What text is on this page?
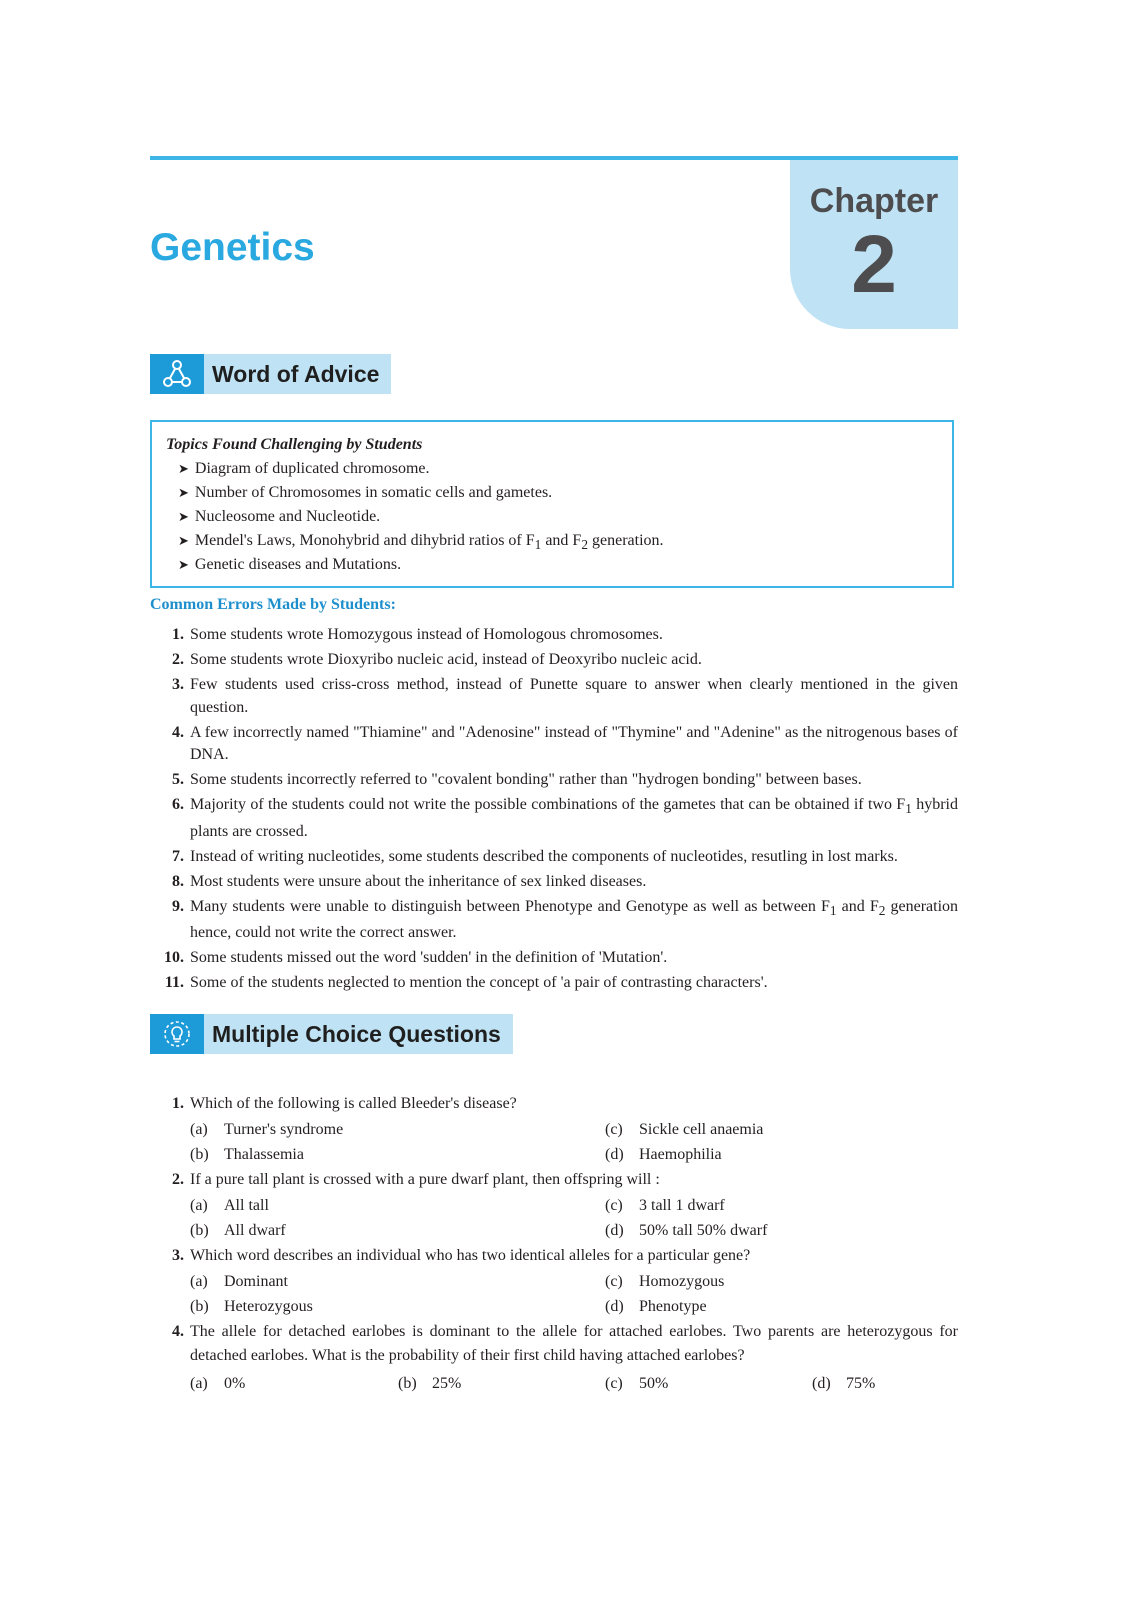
Chapter
2
Genetics
Word of Advice

Topics Found Challenging by Students

➤ Diagram of duplicated chromosome.
➤ Number of Chromosomes in somatic cells and gametes.
➤ Nucleosome and Nucleotide.
➤ Mendel's Laws, Monohybrid and dihybrid ratios of $F_1$ and $F_2$ generation.
➤ Genetic diseases and Mutations.
Common Errors Made by Students:
1. Some students wrote Homozygous instead of Homologous chromosomes.
2. Some students wrote Dioxyribo nucleic acid, instead of Deoxyribo nucleic acid.
3. Few students used criss-cross method, instead of Punette square to answer when clearly mentioned in the given question.
4. A few incorrectly named "Thiamine" and "Adenosine" instead of "Thymine" and "Adenine" as the nitrogenous bases of DNA.
5. Some students incorrectly referred to "covalent bonding" rather than "hydrogen bonding" between bases.
6. Majority of the students could not write the possible combinations of the gametes that can be obtained if two $F_1$ hybrid plants are crossed.
7. Instead of writing nucleotides, some students described the components of nucleotides, resutling in lost marks.
8. Most students were unsure about the inheritance of sex linked diseases.
9. Many students were unable to distinguish between Phenotype and Genotype as well as between $F_1$ and $F_2$ generation hence, could not write the correct answer.
10. Some students missed out the word 'sudden' in the definition of 'Mutation'.
11. Some of the students neglected to mention the concept of 'a pair of contrasting characters'.
Multiple Choice Questions
1. Which of the following is called Bleeder's disease?
(a) Turner's syndrome
(b) Thalassemia
(c) Sickle cell anaemia
(d) Haemophilia
2. If a pure tall plant is crossed with a pure dwarf plant, then offspring will :
(a) All tall
(b) All dwarf
(c) 3 tall 1 dwarf
(d) 50% tall 50% dwarf
3. Which word describes an individual who has two identical alleles for a particular gene?
(a) Dominant
(b) Heterozygous
(c) Homozygous
(d) Phenotype
4. The allele for detached earlobes is dominant to the allele for attached earlobes. Two parents are heterozygous for detached earlobes. What is the probability of their first child having attached earlobes?
(a) 0%	(b) 25%	(c) 50%	(d) 75%
